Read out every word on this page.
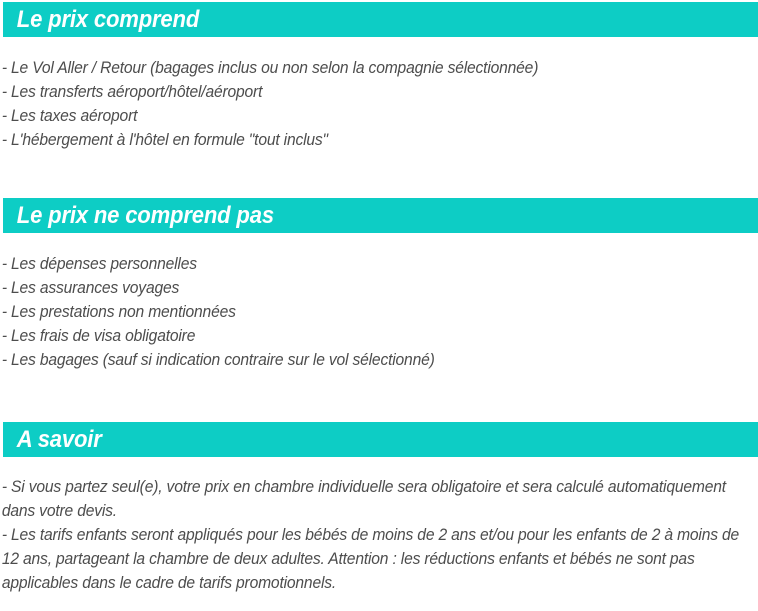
Le prix comprend
- Le Vol Aller / Retour (bagages inclus ou non selon la compagnie sélectionnée)
- Les transferts aéroport/hôtel/aéroport
- Les taxes aéroport
- L'hébergement à l'hôtel en formule "tout inclus"
Le prix ne comprend pas
- Les dépenses personnelles
- Les assurances voyages
- Les prestations non mentionnées
- Les frais de visa obligatoire
- Les bagages (sauf si indication contraire sur le vol sélectionné)
A savoir
- Si vous partez seul(e), votre prix en chambre individuelle sera obligatoire et sera calculé automatiquement dans votre devis.
- Les tarifs enfants seront appliqués pour les bébés de moins de 2 ans et/ou pour les enfants de 2 à moins de 12 ans, partageant la chambre de deux adultes. Attention : les réductions enfants et bébés ne sont pas applicables dans le cadre de tarifs promotionnels.
